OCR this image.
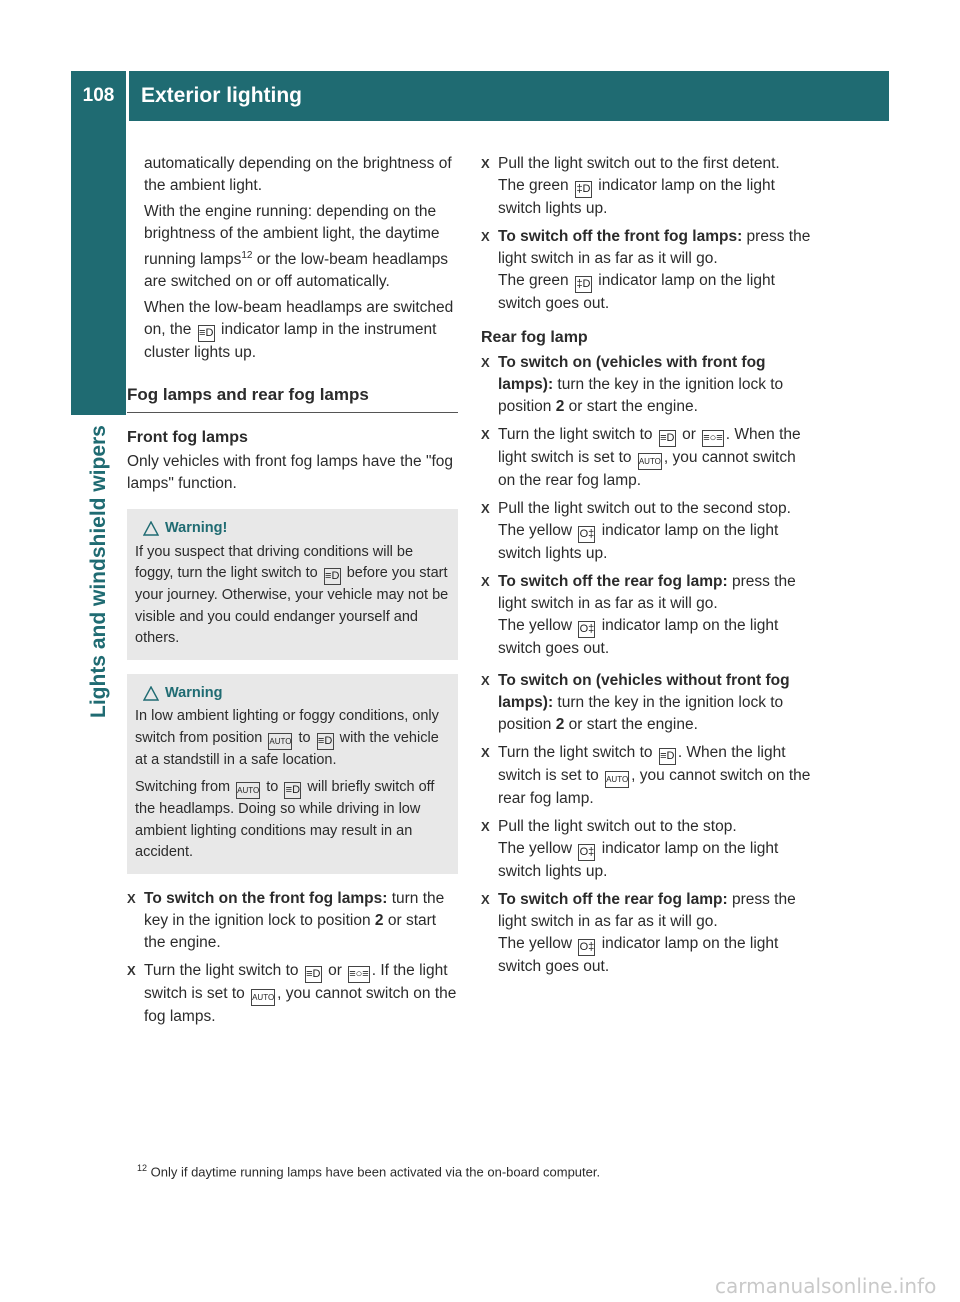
108	Exterior lighting
Lights and windshield wipers

automatically depending on the brightness of the ambient light.

With the engine running: depending on the brightness of the ambient light, the daytime running lamps$^{12}$ or the low-beam headlamps are switched on or off automatically.

When the low-beam headlamps are switched on, the ≡D indicator lamp in the instrument cluster lights up.

Fog lamps and rear fog lamps
Front fog lamps

Only vehicles with front fog lamps have the "fog lamps" function.

Warning!

If you suspect that driving conditions will be foggy, turn the light switch to ≡D before you start your journey. Otherwise, your vehicle may not be visible and you could endanger yourself and others.

Warning

In low ambient lighting or foggy conditions, only switch from position AUTO to ≡D with the vehicle at a standstill in a safe location.

Switching from AUTO to ≡D will briefly switch off the headlamps. Doing so while driving in low ambient lighting conditions may result in an accident.

X To switch on the front fog lamps: turn the key in the ignition lock to position 2 or start the engine.
X Turn the light switch to ≡D or ≡○≡ . If the light switch is set to AUTO , you cannot switch on the fog lamps.
X Pull the light switch out to the first detent.
The green ‡D indicator lamp on the light switch lights up.
X To switch off the front fog lamps: press the light switch in as far as it will go.
The green ‡D indicator lamp on the light switch goes out.
Rear fog lamp
X To switch on (vehicles with front fog lamps): turn the key in the ignition lock to position 2 or start the engine.
X Turn the light switch to ≡D or ≡○≡ . When the light switch is set to AUTO , you cannot switch on the rear fog lamp.
X Pull the light switch out to the second stop.
The yellow O‡ indicator lamp on the light switch lights up.
X To switch off the rear fog lamp: press the light switch in as far as it will go.
The yellow O‡ indicator lamp on the light switch goes out.
X To switch on (vehicles without front fog lamps): turn the key in the ignition lock to position 2 or start the engine.
X Turn the light switch to ≡D . When the light switch is set to AUTO , you cannot switch on the rear fog lamp.
X Pull the light switch out to the stop.
The yellow O‡ indicator lamp on the light switch lights up.
X To switch off the rear fog lamp: press the light switch in as far as it will go.
The yellow O‡ indicator lamp on the light switch goes out.
$^{12}$ Only if daytime running lamps have been activated via the on-board computer.
carmanualsonline.info
